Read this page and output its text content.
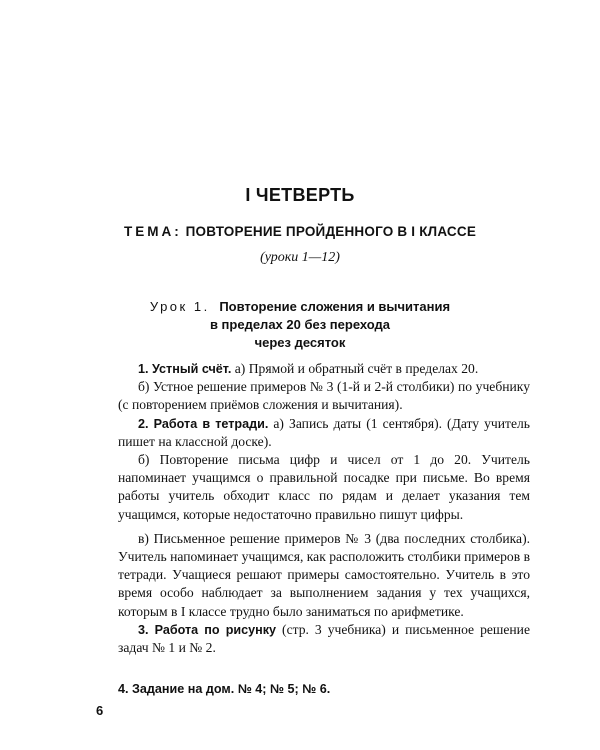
I ЧЕТВЕРТЬ
ТЕМА: ПОВТОРЕНИЕ ПРОЙДЕННОГО В I КЛАССЕ
(уроки 1—12)
Урок 1. Повторение сложения и вычитания
в пределах 20 без перехода
через десяток

1. Устный счёт. а) Прямой и обратный счёт в пределах 20.

б) Устное решение примеров № 3 (1-й и 2-й столбики) по учебнику (с повторением приёмов сложения и вычитания).

2. Работа в тетради. а) Запись даты (1 сентября). (Дату учитель пишет на классной доске).

б) Повторение письма цифр и чисел от 1 до 20. Учитель напоминает учащимся о правильной посадке при письме. Во время работы учитель обходит класс по рядам и делает указания тем учащимся, которые недостаточно правильно пишут цифры.

в) Письменное решение примеров № 3 (два последних столбика). Учитель напоминает учащимся, как расположить столбики примеров в тетради. Учащиеся решают примеры самостоятельно. Учитель в это время особо наблюдает за выполнением задания у тех учащихся, которым в I классе трудно было заниматься по арифметике.

3. Работа по рисунку (стр. 3 учебника) и письменное решение задач № 1 и № 2.

4. Задание на дом. № 4; № 5; № 6.
6
